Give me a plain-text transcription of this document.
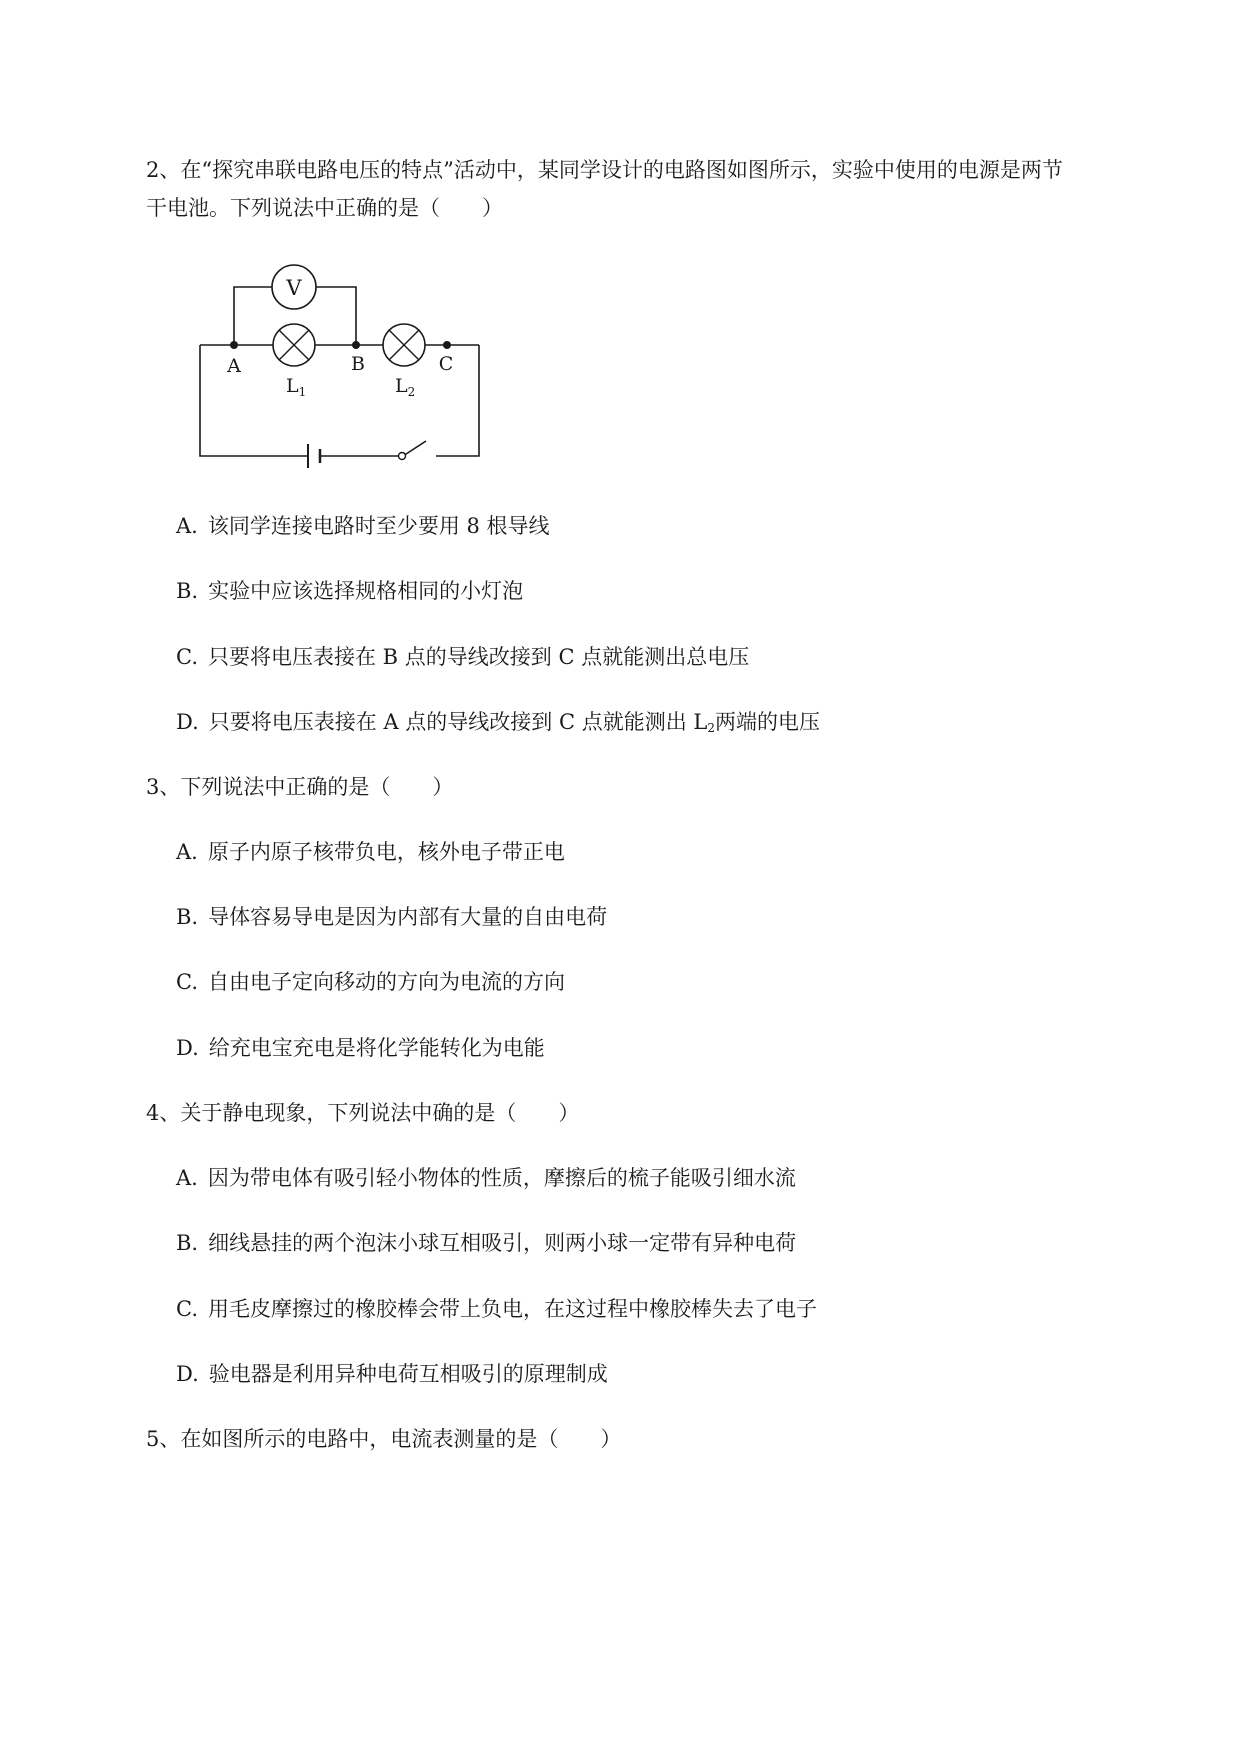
2、在“探究串联电路电压的特点”活动中，某同学设计的电路图如图所示，实验中使用的电源是两节
干电池。下列说法中正确的是（　　）
V
A	B	C
$L_1$	$L_2$
A. 该同学连接电路时至少要用 8 根导线
B. 实验中应该选择规格相同的小灯泡
C. 只要将电压表接在 B 点的导线改接到 C 点就能测出总电压
D. 只要将电压表接在 A 点的导线改接到 C 点就能测出 $L_2$两端的电压
3、下列说法中正确的是（　　）
A. 原子内原子核带负电，核外电子带正电
B. 导体容易导电是因为内部有大量的自由电荷
C. 自由电子定向移动的方向为电流的方向
D. 给充电宝充电是将化学能转化为电能
4、关于静电现象，下列说法中确的是（　　）
A. 因为带电体有吸引轻小物体的性质，摩擦后的梳子能吸引细水流
B. 细线悬挂的两个泡沫小球互相吸引，则两小球一定带有异种电荷
C. 用毛皮摩擦过的橡胶棒会带上负电，在这过程中橡胶棒失去了电子
D. 验电器是利用异种电荷互相吸引的原理制成
5、在如图所示的电路中，电流表测量的是（　　）
